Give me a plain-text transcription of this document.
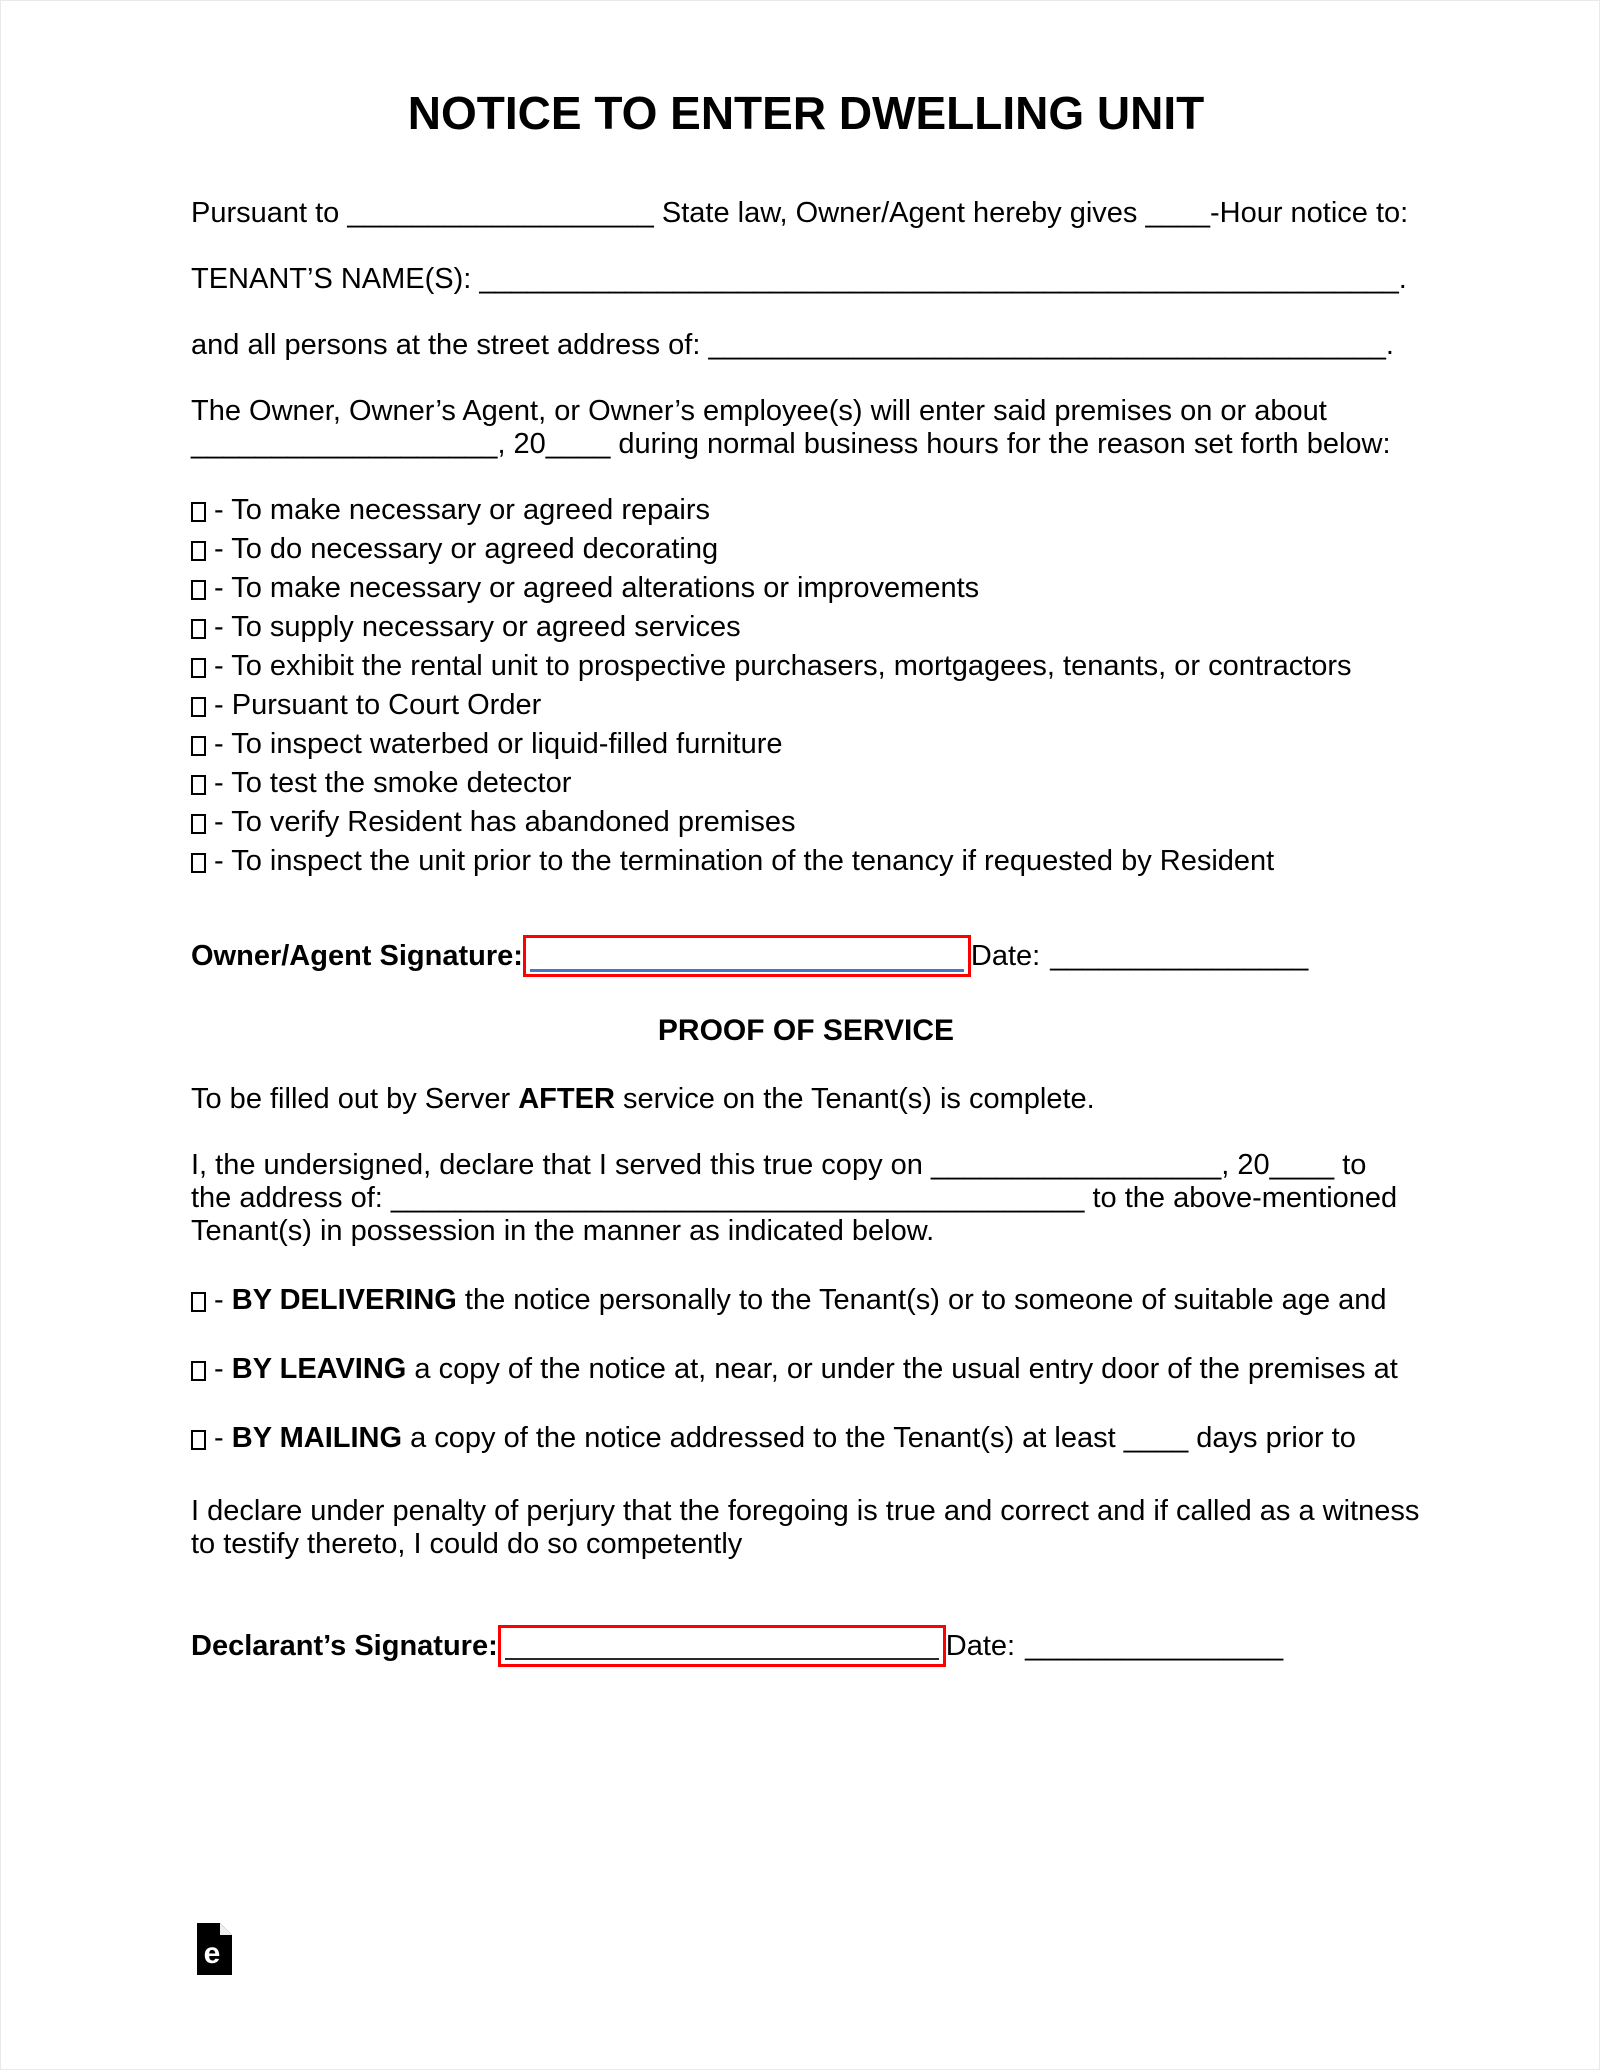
NOTICE TO ENTER DWELLING UNIT
Pursuant to ___________________ State law, Owner/Agent hereby gives ____-Hour notice to:
TENANT’S NAME(S): _________________________________________________________.
and all persons at the street address of: __________________________________________.
The Owner, Owner’s Agent, or Owner’s employee(s) will enter said premises on or about
___________________, 20____ during normal business hours for the reason set forth below:
- To make necessary or agreed repairs
- To do necessary or agreed decorating
- To make necessary or agreed alterations or improvements
- To supply necessary or agreed services
- To exhibit the rental unit to prospective purchasers, mortgagees, tenants, or contractors
- Pursuant to Court Order
- To inspect waterbed or liquid-filled furniture
- To test the smoke detector
- To verify Resident has abandoned premises
- To inspect the unit prior to the termination of the tenancy if requested by Resident
Owner/Agent Signature:	Date: ________________
PROOF OF SERVICE
To be filled out by Server AFTER service on the Tenant(s) is complete.
I, the undersigned, declare that I served this true copy on __________________, 20____ to
the address of: ___________________________________________ to the above-mentioned
Tenant(s) in possession in the manner as indicated below.
- BY DELIVERING the notice personally to the Tenant(s) or to someone of suitable age and
- BY LEAVING a copy of the notice at, near, or under the usual entry door of the premises at
- BY MAILING a copy of the notice addressed to the Tenant(s) at least ____ days prior to
I declare under penalty of perjury that the foregoing is true and correct and if called as a witness
to testify thereto, I could do so competently
Declarant’s Signature:	Date: ________________
e
